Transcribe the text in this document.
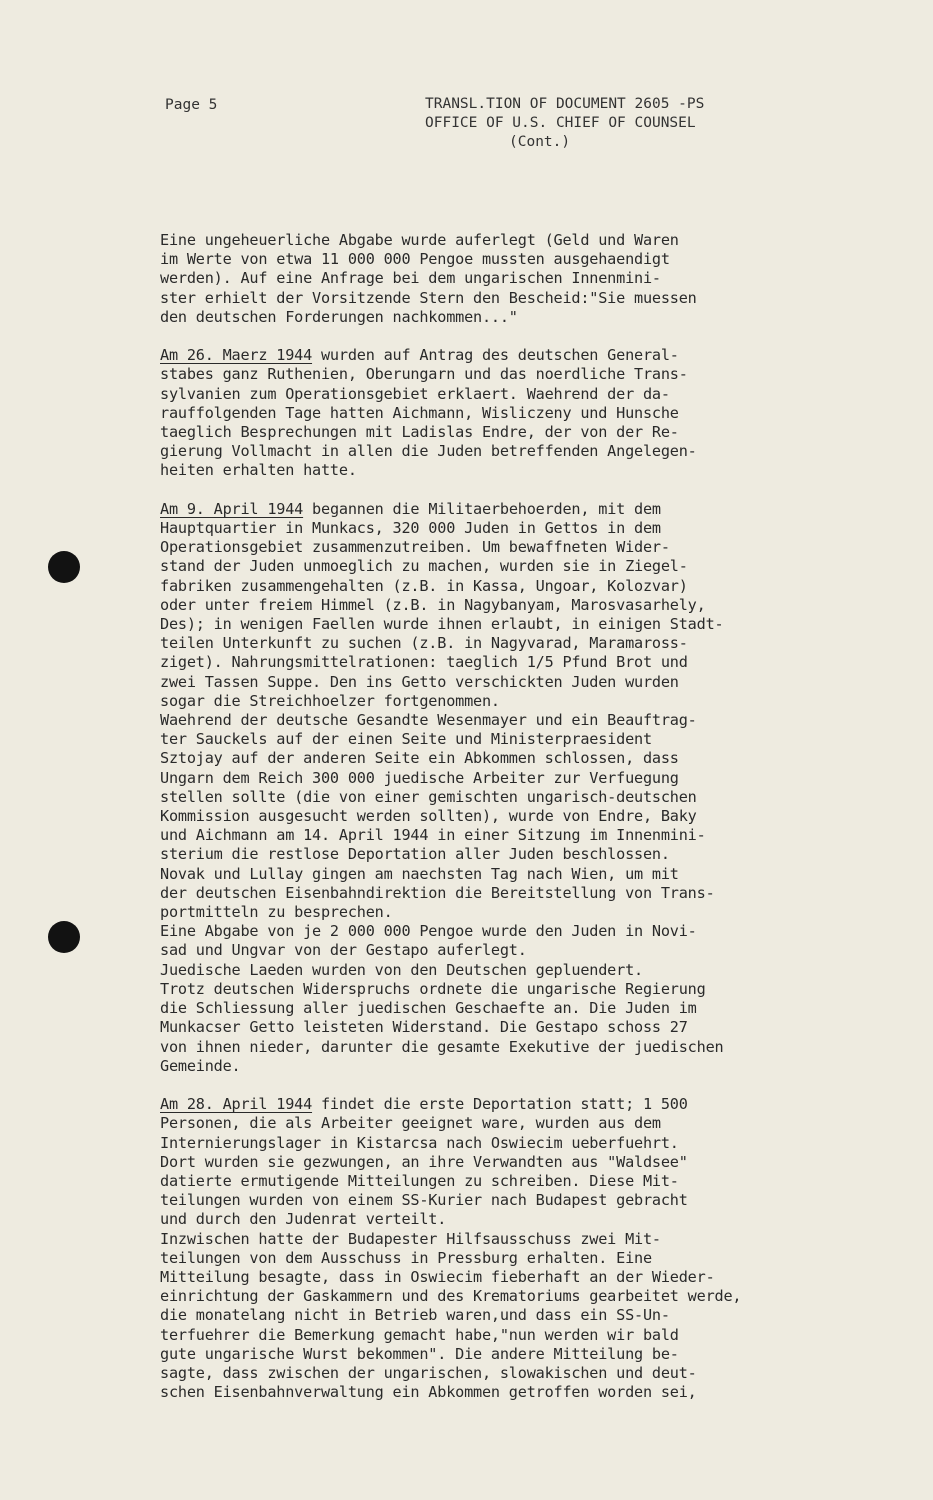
Page 5	TRANSL.TION OF DOCUMENT 2605 -PS
OFFICE OF U.S. CHIEF OF COUNSEL
(Cont.)
Eine ungeheuerliche Abgabe wurde auferlegt (Geld und Waren
im Werte von etwa 11 000 000 Pengoe mussten ausgehaendigt
werden). Auf eine Anfrage bei dem ungarischen Innenmini-
ster erhielt der Vorsitzende Stern den Bescheid:"Sie muessen
den deutschen Forderungen nachkommen..."
Am 26. Maerz 1944 wurden auf Antrag des deutschen General-
stabes ganz Ruthenien, Oberungarn und das noerdliche Trans-
sylvanien zum Operationsgebiet erklaert. Waehrend der da-
rauffolgenden Tage hatten Aichmann, Wisliczeny und Hunsche
taeglich Besprechungen mit Ladislas Endre, der von der Re-
gierung Vollmacht in allen die Juden betreffenden Angelegen-
heiten erhalten hatte.
Am 9. April 1944 begannen die Militaerbehoerden, mit dem
Hauptquartier in Munkacs, 320 000 Juden in Gettos in dem
Operationsgebiet zusammenzutreiben. Um bewaffneten Wider-
stand der Juden unmoeglich zu machen, wurden sie in Ziegel-
fabriken zusammengehalten (z.B. in Kassa, Ungoar, Kolozvar)
oder unter freiem Himmel (z.B. in Nagybanyam, Marosvasarhely,
Des); in wenigen Faellen wurde ihnen erlaubt, in einigen Stadt-
teilen Unterkunft zu suchen (z.B. in Nagyvarad, Maramaross-
ziget). Nahrungsmittelrationen: taeglich 1/5 Pfund Brot und
zwei Tassen Suppe. Den ins Getto verschickten Juden wurden
sogar die Streichhoelzer fortgenommen.
Waehrend der deutsche Gesandte Wesenmayer und ein Beauftrag-
ter Sauckels auf der einen Seite und Ministerpraesident
Sztojay auf der anderen Seite ein Abkommen schlossen, dass
Ungarn dem Reich 300 000 juedische Arbeiter zur Verfuegung
stellen sollte (die von einer gemischten ungarisch-deutschen
Kommission ausgesucht werden sollten), wurde von Endre, Baky
und Aichmann am 14. April 1944 in einer Sitzung im Innenmini-
sterium die restlose Deportation aller Juden beschlossen.
Novak und Lullay gingen am naechsten Tag nach Wien, um mit
der deutschen Eisenbahndirektion die Bereitstellung von Trans-
portmitteln zu besprechen.
Eine Abgabe von je 2 000 000 Pengoe wurde den Juden in Novi-
sad und Ungvar von der Gestapo auferlegt.
Juedische Laeden wurden von den Deutschen gepluendert.
Trotz deutschen Widerspruchs ordnete die ungarische Regierung
die Schliessung aller juedischen Geschaefte an. Die Juden im
Munkacser Getto leisteten Widerstand. Die Gestapo schoss 27
von ihnen nieder, darunter die gesamte Exekutive der juedischen
Gemeinde.
Am 28. April 1944 findet die erste Deportation statt; 1 500
Personen, die als Arbeiter geeignet ware, wurden aus dem
Internierungslager in Kistarcsa nach Oswiecim ueberfuehrt.
Dort wurden sie gezwungen, an ihre Verwandten aus "Waldsee"
datierte ermutigende Mitteilungen zu schreiben. Diese Mit-
teilungen wurden von einem SS-Kurier nach Budapest gebracht
und durch den Judenrat verteilt.
Inzwischen hatte der Budapester Hilfsausschuss zwei Mit-
teilungen von dem Ausschuss in Pressburg erhalten. Eine
Mitteilung besagte, dass in Oswiecim fieberhaft an der Wieder-
einrichtung der Gaskammern und des Krematoriums gearbeitet werde,
die monatelang nicht in Betrieb waren,und dass ein SS-Un-
terfuehrer die Bemerkung gemacht habe,"nun werden wir bald
gute ungarische Wurst bekommen". Die andere Mitteilung be-
sagte, dass zwischen der ungarischen, slowakischen und deut-
schen Eisenbahnverwaltung ein Abkommen getroffen worden sei,
